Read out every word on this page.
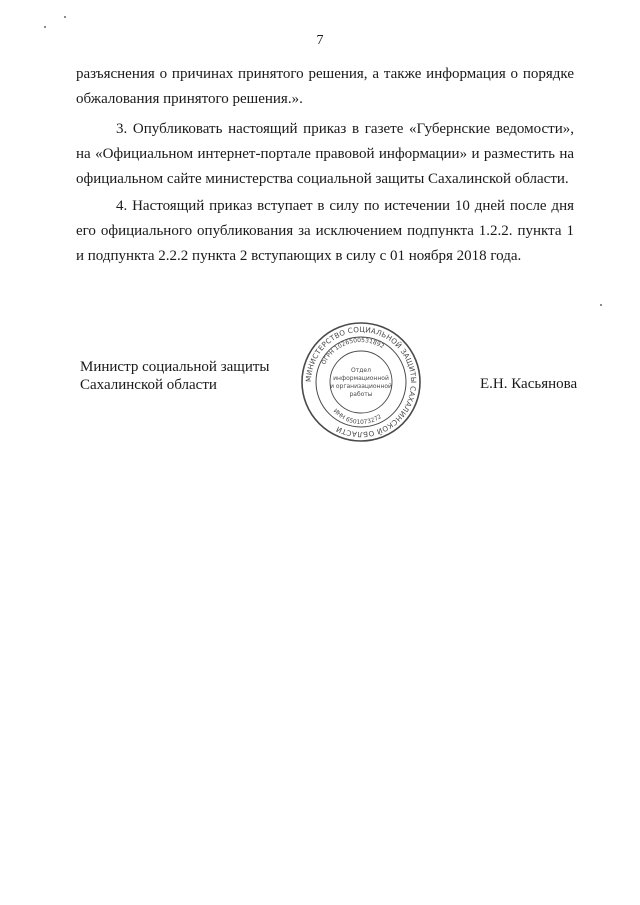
7
разъяснения о причинах принятого решения, а также информация о порядке обжалования принятого решения.».
3. Опубликовать настоящий приказ в газете «Губернские ведомости», на «Официальном интернет-портале правовой информации» и разместить на официальном сайте министерства социальной защиты Сахалинской области.
4. Настоящий приказ вступает в силу по истечении 10 дней после дня его официального опубликования за исключением подпункта 1.2.2. пункта 1 и подпункта 2.2.2 пункта 2 вступающих в силу с 01 ноября 2018 года.
Министр социальной защиты
Сахалинской области	Е.Н. Касьянова
МИНИСТЕРСТВО СОЦИАЛЬНОЙ ЗАЩИТЫ САХАЛИНСКОЙ ОБЛАСТИ
ОГРН 1026500531892
ИНН 6501073272
Отдел
информационной
и организационной
работы
